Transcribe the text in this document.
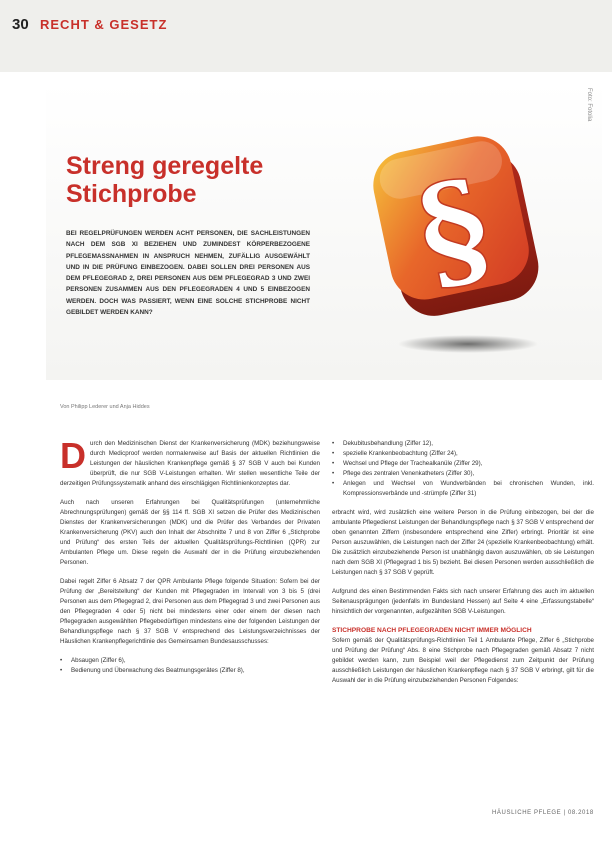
30 RECHT & GESETZ
Foto: Fotolia
Streng geregelte
Stichprobe
BEI REGELPRÜFUNGEN WERDEN ACHT PERSONEN, DIE SACHLEISTUNGEN NACH DEM SGB XI BEZIEHEN UND ZUMINDEST KÖRPERBEZOGENE PFLEGEMASSNAHMEN IN ANSPRUCH NEHMEN, ZUFÄLLIG AUSGEWÄHLT UND IN DIE PRÜFUNG EINBEZOGEN. DABEI SOLLEN DREI PERSONEN AUS DEM PFLEGEGRAD 2, DREI PERSONEN AUS DEM PFLEGEGRAD 3 UND ZWEI PERSONEN ZUSAMMEN AUS DEN PFLEGEGRADEN 4 UND 5 EINBEZOGEN WERDEN. DOCH WAS PASSIERT, WENN EINE SOLCHE STICHPROBE NICHT GEBILDET WERDEN KANN?
§
Von Philipp Lederer und Anja Hiddes

Durch den Medizinischen Dienst der Krankenversicherung (MDK) beziehungsweise durch Medicproof werden normalerweise auf Basis der aktuellen Richtlinien die Leistungen der häuslichen Krankenpflege gemäß § 37 SGB V auch bei Kunden überprüft, die nur SGB V-Leistungen erhalten. Wir stellen wesentliche Teile der derzeitigen Prüfungssystematik anhand des einschlägigen Richtlinienkonzeptes dar.

Auch nach unseren Erfahrungen bei Qualitätsprüfungen (unternehmliche Abrechnungsprüfungen) gemäß der §§ 114 ff. SGB XI setzen die Prüfer des Medizinischen Dienstes der Krankenversicherungen (MDK) und die Prüfer des Verbandes der Privaten Krankenversicherung (PKV) auch den Inhalt der Abschnitte 7 und 8 von Ziffer 6 „Stichprobe und Prüfung“ des ersten Teils der aktuellen Qualitätsprüfungs-Richtlinien (QPR) zur Ambulanten Pflege um. Diese regeln die Auswahl der in die Prüfung einzubeziehenden Personen.

Dabei regelt Ziffer 6 Absatz 7 der QPR Ambulante Pflege folgende Situation: Sofern bei der Prüfung der „Bereitstellung“ der Kunden mit Pflegegraden im Intervall von 3 bis 5 (drei Personen aus dem Pflegegrad 2, drei Personen aus dem Pflegegrad 3 und zwei Personen aus den Pflegegraden 4 oder 5) nicht bei mindestens einer oder einem der diesen nach Pflegegraden ausgewählten Pflegebedürftigen mindestens eine der folgenden Leistungen der Behandlungspflege nach § 37 SGB V entsprechend des Leistungsverzeichnisses der Häuslichen Krankenpflegerichtlinie des Gemeinsamen Bundesausschusses:

• Absaugen (Ziffer 6),
• Bedienung und Überwachung des Beatmungsgerätes (Ziffer 8),
• Dekubitusbehandlung (Ziffer 12),
• spezielle Krankenbeobachtung (Ziffer 24),
• Wechsel und Pflege der Trachealkanüle (Ziffer 29),
• Pflege des zentralen Venenkatheters (Ziffer 30),
• Anlegen und Wechsel von Wundverbänden bei chronischen Wunden, inkl. Kompressionsverbände und -strümpfe (Ziffer 31)

erbracht wird, wird zusätzlich eine weitere Person in die Prüfung einbezogen, bei der die ambulante Pflegedienst Leistungen der Behandlungspflege nach § 37 SGB V entsprechend der oben genannten Ziffern (insbesondere entsprechend eine Ziffer) erbringt. Prioritär ist eine Person auszuwählen, die Leistungen nach der Ziffer 24 (spezielle Krankenbeobachtung) erhält. Die zusätzlich einzubeziehende Person ist unabhängig davon auszuwählen, ob sie Leistungen nach dem SGB XI (Pflegegrad 1 bis 5) bezieht. Bei diesen Personen werden ausschließlich die Leistungen nach § 37 SGB V geprüft.

Aufgrund des einen Bestimmenden Fakts sich nach unserer Erfahrung des auch im aktuellen Seitenausprägungen (jedenfalls im Bundesland Hessen) auf Seite 4 eine „Erfassungstabelle“ hinsichtlich der vorgenannten, aufgezählten SGB V-Leistungen.

STICHPROBE NACH PFLEGEGRADEN NICHT IMMER MÖGLICH

Sofern gemäß der Qualitätsprüfungs-Richtlinien Teil 1 Ambulante Pflege, Ziffer 6 „Stichprobe und Prüfung der Prüfung“ Abs. 8 eine Stichprobe nach Pflegegraden gemäß Absatz 7 nicht gebildet werden kann, zum Beispiel weil der Pflegedienst zum Zeitpunkt der Prüfung ausschließlich Leistungen der häuslichen Krankenpflege nach § 37 SGB V erbringt, gilt für die Auswahl der in die Prüfung einzubeziehenden Personen Folgendes:

HÄUSLICHE PFLEGE | 08.2018
